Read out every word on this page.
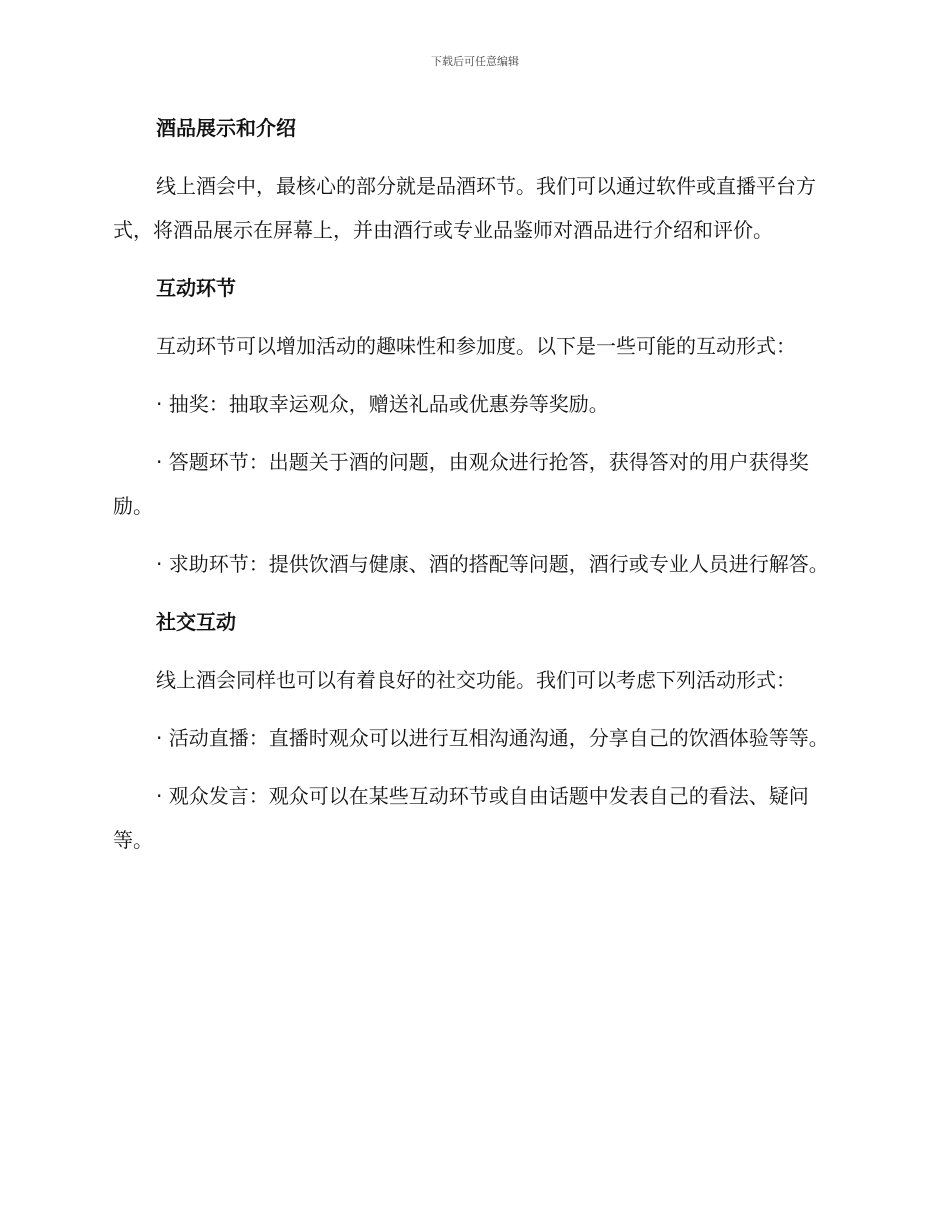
下载后可任意编辑
酒品展示和介绍
线上酒会中，最核心的部分就是品酒环节。我们可以通过软件或直播平台方式，将酒品展示在屏幕上，并由酒行或专业品鉴师对酒品进行介绍和评价。
互动环节
互动环节可以增加活动的趣味性和参加度。以下是一些可能的互动形式：
· 抽奖：抽取幸运观众，赠送礼品或优惠券等奖励。
· 答题环节：出题关于酒的问题，由观众进行抢答，获得答对的用户获得奖励。
· 求助环节：提供饮酒与健康、酒的搭配等问题，酒行或专业人员进行解答。
社交互动
线上酒会同样也可以有着良好的社交功能。我们可以考虑下列活动形式：
· 活动直播：直播时观众可以进行互相沟通沟通，分享自己的饮酒体验等等。
· 观众发言：观众可以在某些互动环节或自由话题中发表自己的看法、疑问等。
